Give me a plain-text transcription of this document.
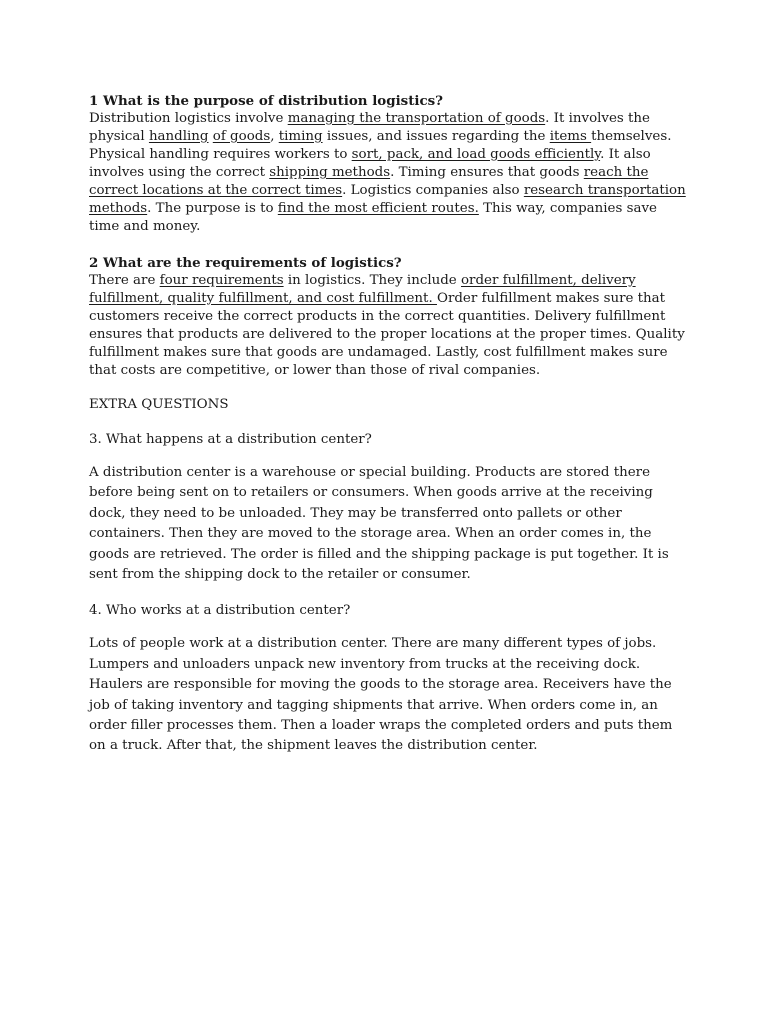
1 What is the purpose of distribution logistics?

Distribution logistics involve managing the transportation of goods. It involves the physical handling of goods, timing issues, and issues regarding the items themselves. Physical handling requires workers to sort, pack, and load goods efficiently. It also involves using the correct shipping methods. Timing ensures that goods reach the correct locations at the correct times. Logistics companies also research transportation methods. The purpose is to find the most efficient routes. This way, companies save time and money.

2 What are the requirements of logistics?

There are four requirements in logistics. They include order fulfillment, delivery fulfillment, quality fulfillment, and cost fulfillment. Order fulfillment makes sure that customers receive the correct products in the correct quantities. Delivery fulfillment ensures that products are delivered to the proper locations at the proper times. Quality fulfillment makes sure that goods are undamaged. Lastly, cost fulfillment makes sure that costs are competitive, or lower than those of rival companies.

EXTRA QUESTIONS

3. What happens at a distribution center?

A distribution center is a warehouse or special building. Products are stored there before being sent on to retailers or consumers. When goods arrive at the receiving dock, they need to be unloaded. They may be transferred onto pallets or other containers. Then they are moved to the storage area. When an order comes in, the goods are retrieved. The order is filled and the shipping package is put together. It is sent from the shipping dock to the retailer or consumer.

4. Who works at a distribution center?

Lots of people work at a distribution center. There are many different types of jobs. Lumpers and unloaders unpack new inventory from trucks at the receiving dock. Haulers are responsible for moving the goods to the storage area. Receivers have the job of taking inventory and tagging shipments that arrive. When orders come in, an order filler processes them. Then a loader wraps the completed orders and puts them on a truck. After that, the shipment leaves the distribution center.
